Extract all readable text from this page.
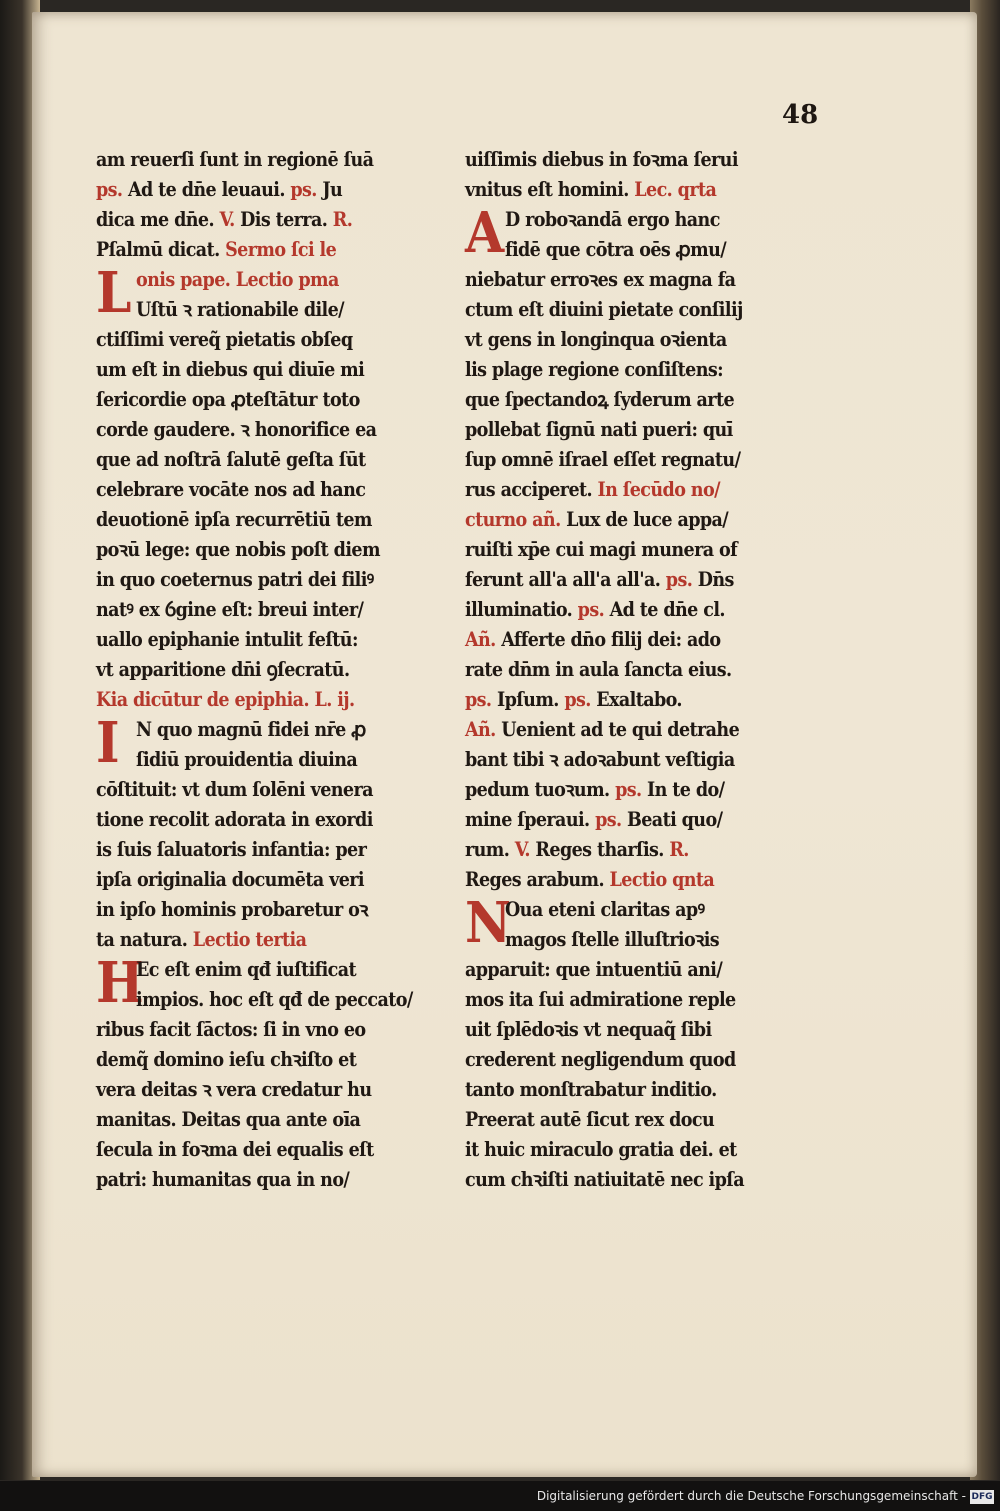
48
am reuerſi ſunt in regionē ſuā
ps. Ad te dn̄e leuaui. ps. Ju
dica me dn̄e. V. Dis terra. R.
Pſalmū dicat. Sermo ſci le
Lonis pape. Lectio pma
Uſtū ꝛ rationabile dile/
ctiſſimi vereq̃ pietatis obſeq
um eſt in diebus qui diuīe mi
ſericordie opa ꝓteſtātur toto
corde gaudere. ꝛ honorifice ea
que ad noſtrā ſalutē geſta ſūt
celebrare vocāte nos ad hanc
deuotionē ipſa recurrētiū tem
poꝛū lege: que nobis poſt diem
in quo coeternus patri dei filiꝰ
natꝰ ex ỽgine eſt: breui inter/
uallo epiphanie intulit feſtū:
vt apparitione dn̄i ꝯſecratū.
Kia dicūtur de epiphia. L. ij.
I N quo magnū fidei nr̄e ꝓ
ſidiū prouidentia diuina
cōſtituit: vt dum ſolēni venera
tione recolit adorata in exordi
is ſuis ſaluatoris infantia: per
ipſa originalia documēta veri
in ipſo hominis probaretur oꝛ
ta natura. Lectio tertia
H
Ec eſt enim qđ iuſtificat
impios. hoc eſt qđ de peccato/
ribus facit ſāctos: ſi in vno eo
demq̃ domino ieſu chꝛiſto et
vera deitas ꝛ vera credatur hu
manitas. Deitas qua ante oīa
ſecula in foꝛma dei equalis eſt
patri: humanitas qua in no/
uiſſimis diebus in foꝛma ſerui
vnitus eſt homini. Lec. qrta
A D roboꝛandā ergo hanc
fidē que cōtra oēs ꝓmu/
niebatur erroꝛes ex magna fa
ctum eſt diuini pietate conſilij
vt gens in longinqua oꝛienta
lis plage regione conſiſtens:
que ſpectandoꝝ ſyderum arte
pollebat ſignū nati pueri: quī
ſup omnē iſrael eſſet regnatu/
rus acciperet. In ſecūdo no/
cturno añ. Lux de luce appa/
ruiſti xp̄e cui magi munera of
ferunt all'a all'a all'a. ps. Dn̄s
illuminatio. ps. Ad te dn̄e cl.
Añ. Afferte dn̄o filij dei: ado
rate dn̄m in aula ſancta eius.
ps. Ipſum. ps. Exaltabo.
Añ. Uenient ad te qui detrahe
bant tibi ꝛ adoꝛabunt veſtigia
pedum tuoꝛum. ps. In te do/
mine ſperaui. ps. Beati quo/
rum. V. Reges tharſis. R.
Reges arabum. Lectio qnta
N
Oua eteni claritas apꝰ
magos ſtelle illuſtrioꝛis
apparuit: que intuentiū ani/
mos ita ſui admiratione reple
uit ſplēdoꝛis vt nequaq̃ ſibi
crederent negligendum quod
tanto monſtrabatur inditio.
Preerat autē ſicut rex docu
it huic miraculo gratia dei. et
cum chꝛiſti natiuitatē nec ipſa
Digitalisierung gefördert durch die Deutsche Forschungsgemeinschaft - DFG
